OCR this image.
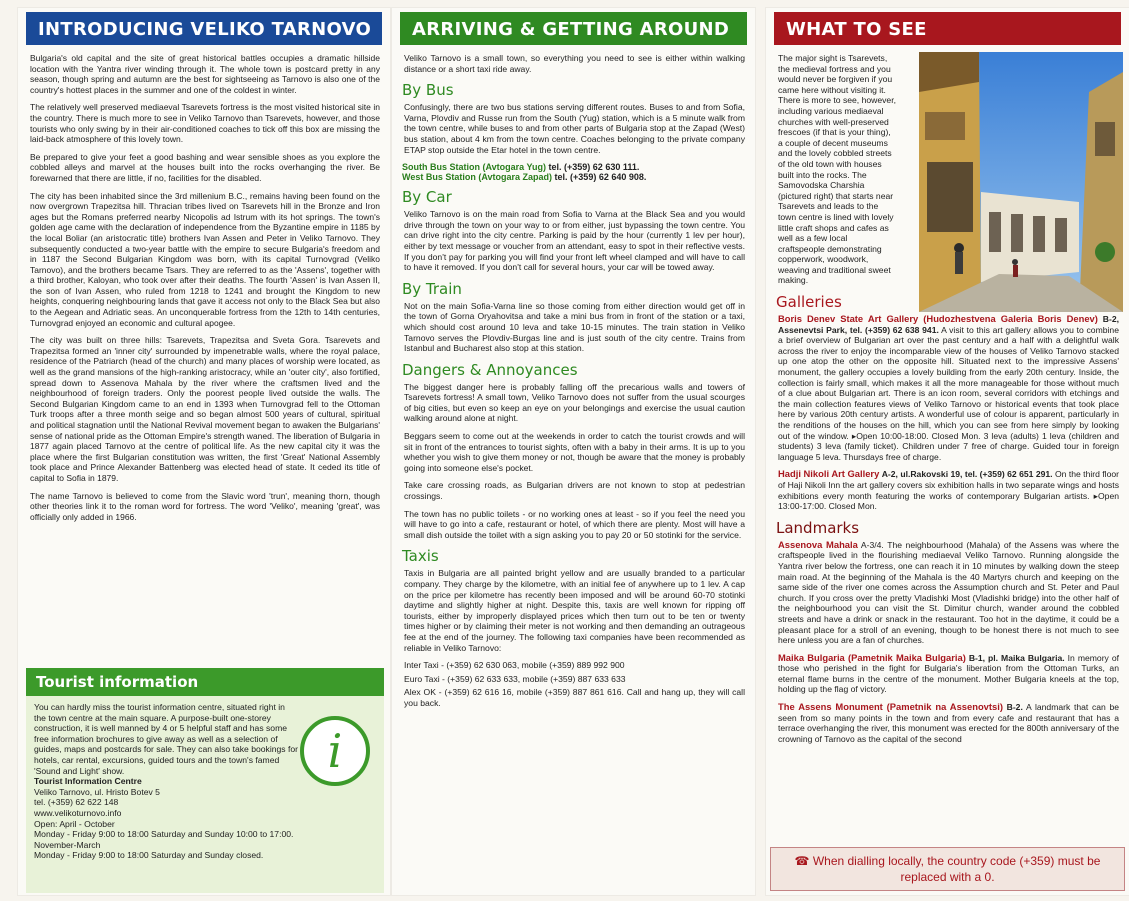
INTRODUCING VELIKO TARNOVO
Bulgaria's old capital and the site of great historical battles occupies a dramatic hillside location with the Yantra river winding through it. The whole town is postcard pretty in any season, though spring and autumn are the best for sightseeing as Tarnovo is also one of the country's hottest places in the summer and one of the coldest in winter.
The relatively well preserved mediaeval Tsarevets fortress is the most visited historical site in the country. There is much more to see in Veliko Tarnovo than Tsarevets, however, and those tourists who only swing by in their air-conditioned coaches to tick off this box are missing the laid-back atmosphere of this lovely town.
Be prepared to give your feet a good bashing and wear sensible shoes as you explore the cobbled alleys and marvel at the houses built into the rocks overhanging the river. Be forewarned that there are little, if no, facilities for the disabled.
The city has been inhabited since the 3rd millenium B.C., remains having been found on the now overgrown Trapezitsa hill. Thracian tribes lived on Tsarevets hill in the Bronze and Iron ages but the Romans preferred nearby Nicopolis ad Istrum with its hot springs. The town's golden age came with the declaration of independence from the Byzantine empire in 1185 by the local Boliar (an aristocratic title) brothers Ivan Assen and Peter in Veliko Tarnovo. They subsequently conducted a two-year battle with the empire to secure Bulgaria's freedom and in 1187 the Second Bulgarian Kingdom was born, with its capital Turnovgrad (Veliko Tarnovo), and the brothers became Tsars. They are referred to as the 'Assens', together with a third brother, Kaloyan, who took over after their deaths. The fourth 'Assen' is Ivan Assen II, the son of Ivan Assen, who ruled from 1218 to 1241 and brought the Kingdom to new heights, conquering neighbouring lands that gave it access not only to the Black Sea but also to the Aegean and Adriatic seas. An unconquerable fortress from the 12th to 14th centuries, Turnovgrad enjoyed an economic and cultural apogee.
The city was built on three hills: Tsarevets, Trapezitsa and Sveta Gora. Tsarevets and Trapezitsa formed an 'inner city' surrounded by impenetrable walls, where the royal palace, residence of the Patriarch (head of the church) and many places of worship were located, as well as the grand mansions of the high-ranking aristocracy, while an 'outer city', also fortified, spread down to Assenova Mahala by the river where the craftsmen lived and the neighbourhood of foreign traders. Only the poorest people lived outside the walls. The Second Bulgarian Kingdom came to an end in 1393 when Turnovgrad fell to the Ottoman Turk troops after a three month seige and so began almost 500 years of cultural, spiritual and political stagnation until the National Revival movement began to awaken the Bulgarians' sense of national pride as the Ottoman Empire's strength waned. The liberation of Bulgaria in 1877 again placed Tarnovo at the centre of political life. As the new capital city it was the place where the first Bulgarian constitution was written, the first 'Great' National Assembly took place and Prince Alexander Battenberg was elected head of state. It ceded its title of capital to Sofia in 1879.
The name Tarnovo is believed to come from the Slavic word 'trun', meaning thorn, though other theories link it to the roman word for fortress. The word 'Veliko', meaning 'great', was officially only added in 1966.
Tourist information
i
You can hardly miss the tourist information centre, situated right in the town centre at the main square. A purpose-built one-storey construction, it is well manned by 4 or 5 helpful staff and has some free information brochures to give away as well as a selection of guides, maps and postcards for sale. They can also take bookings for hotels, car rental, excursions, guided tours and the town's famed 'Sound and Light' show.
Tourist Information Centre
Veliko Tarnovo, ul. Hristo Botev 5
tel. (+359) 62 622 148
www.velikoturnovo.info
Open: April - October
Monday - Friday 9:00 to 18:00 Saturday and Sunday 10:00 to 17:00.
November-March
Monday - Friday 9:00 to 18:00 Saturday and Sunday closed.
ARRIVING & GETTING AROUND
Veliko Tarnovo is a small town, so everything you need to see is either within walking distance or a short taxi ride away.
By Bus
Confusingly, there are two bus stations serving different routes. Buses to and from Sofia, Varna, Plovdiv and Russe run from the South (Yug) station, which is a 5 minute walk from the town centre, while buses to and from other parts of Bulgaria stop at the Zapad (West) bus station, about 4 km from the town centre. Coaches belonging to the private company ETAP stop outside the Etar hotel in the town centre.
South Bus Station (Avtogara Yug) tel. (+359) 62 630 111.
West Bus Station (Avtogara Zapad) tel. (+359) 62 640 908.
By Car
Veliko Tarnovo is on the main road from Sofia to Varna at the Black Sea and you would drive through the town on your way to or from either, just bypassing the town centre. You can drive right into the city centre. Parking is paid by the hour (currently 1 lev per hour), either by text message or voucher from an attendant, easy to spot in their reflective vests. If you don't pay for parking you will find your front left wheel clamped and will have to call to have it removed. If you don't call for several hours, your car will be towed away.
By Train
Not on the main Sofia-Varna line so those coming from either direction would get off in the town of Gorna Oryahovitsa and take a mini bus from in front of the station or a taxi, which should cost around 10 leva and take 10-15 minutes. The train station in Veliko Tarnovo serves the Plovdiv-Burgas line and is just south of the city centre. Trains from Istanbul and Bucharest also stop at this station.
Dangers & Annoyances
The biggest danger here is probably falling off the precarious walls and towers of Tsarevets fortress! A small town, Veliko Tarnovo does not suffer from the usual scourges of big cities, but even so keep an eye on your belongings and exercise the usual caution walking around alone at night.
Beggars seem to come out at the weekends in order to catch the tourist crowds and will sit in front of the entrances to tourist sights, often with a baby in their arms. It is up to you whether you wish to give them money or not, though be aware that the money is probably going into someone else's pocket.
Take care crossing roads, as Bulgarian drivers are not known to stop at pedestrian crossings.
The town has no public toilets - or no working ones at least - so if you feel the need you will have to go into a cafe, restaurant or hotel, of which there are plenty. Most will have a small dish outside the toilet with a sign asking you to pay 20 or 50 stotinki for the service.
Taxis
Taxis in Bulgaria are all painted bright yellow and are usually branded to a particular company. They charge by the kilometre, with an initial fee of anywhere up to 1 lev. A cap on the price per kilometre has recently been imposed and will be around 60-70 stotinki daytime and slightly higher at night. Despite this, taxis are well known for ripping off tourists, either by improperly displayed prices which then turn out to be ten or twenty times higher or by claiming their meter is not working and then demanding an outrageous fee at the end of the journey. The following taxi companies have been recommended as reliable in Veliko Tarnovo:
Inter Taxi - (+359) 62 630 063, mobile (+359) 889 992 900
Euro Taxi - (+359) 62 633 633, mobile (+359) 887 633 633
Alex OK - (+359) 62 616 16, mobile (+359) 887 861 616. Call and hang up, they will call you back.
WHAT TO SEE
The major sight is Tsarevets, the medieval fortress and you would never be forgiven if you came here without visiting it. There is more to see, however, including various mediaeval churches with well-preserved frescoes (if that is your thing), a couple of decent museums and the lovely cobbled streets of the old town with houses built into the rocks. The Samovodska Charshia (pictured right) that starts near Tsarevets and leads to the town centre is lined with lovely little craft shops and cafes as well as a few local craftspeople demonstrating copperwork, woodwork, weaving and traditional sweet making.
Galleries
Boris Denev State Art Gallery (Hudozhestvena Galeria Boris Denev) B-2, Assenevtsi Park, tel. (+359) 62 638 941. A visit to this art gallery allows you to combine a brief overview of Bulgarian art over the past century and a half with a delightful walk across the river to enjoy the incomparable view of the houses of Veliko Tarnovo stacked up one atop the other on the opposite hill. Situated next to the impressive Assens' monument, the gallery occupies a lovely building from the early 20th century. Inside, the collection is fairly small, which makes it all the more manageable for those without much of a clue about Bulgarian art. There is an icon room, several corridors with etchings and the main collection features views of Veliko Tarnovo or historical events that took place here by various 20th century artists. A wonderful use of colour is apparent, particularly in the renditions of the houses on the hill, which you can see from here simply by looking out of the window. ▸Open 10:00-18:00. Closed Mon. 3 leva (adults) 1 leva (children and students) 3 leva (family ticket). Children under 7 free of charge. Guided tour in foreign language 5 leva. Thursdays free of charge.
Hadji Nikoli Art Gallery A-2, ul.Rakovski 19, tel. (+359) 62 651 291. On the third floor of Haji Nikoli Inn the art gallery covers six exhibition halls in two separate wings and hosts exhibitions every month featuring the works of contemporary Bulgarian artists. ▸Open 13:00-17:00. Closed Mon.
Landmarks
Assenova Mahala A-3/4. The neighbourhood (Mahala) of the Assens was where the craftspeople lived in the flourishing mediaeval Veliko Tarnovo. Running alongside the Yantra river below the fortress, one can reach it in 10 minutes by walking down the steep main road. At the beginning of the Mahala is the 40 Martyrs church and keeping on the same side of the river one comes across the Assumption church and St. Peter and Paul church. If you cross over the pretty Vladishki Most (Vladishki bridge) into the other half of the neighbourhood you can visit the St. Dimitur church, wander around the cobbled streets and have a drink or snack in the restaurant. Too hot in the daytime, it could be a pleasant place for a stroll of an evening, though to be honest there is not much to see here unless you are a fan of churches.
Maika Bulgaria (Pametnik Maika Bulgaria) B-1, pl. Maika Bulgaria. In memory of those who perished in the fight for Bulgaria's liberation from the Ottoman Turks, an eternal flame burns in the centre of the monument. Mother Bulgaria kneels at the top, holding up the flag of victory.
The Assens Monument (Pametnik na Assenovtsi) B-2. A landmark that can be seen from so many points in the town and from every cafe and restaurant that has a terrace overhanging the river, this monument was erected for the 800th anniversary of the crowning of Tarnovo as the capital of the second
☎ When dialling locally, the country code (+359) must be replaced with a 0.
